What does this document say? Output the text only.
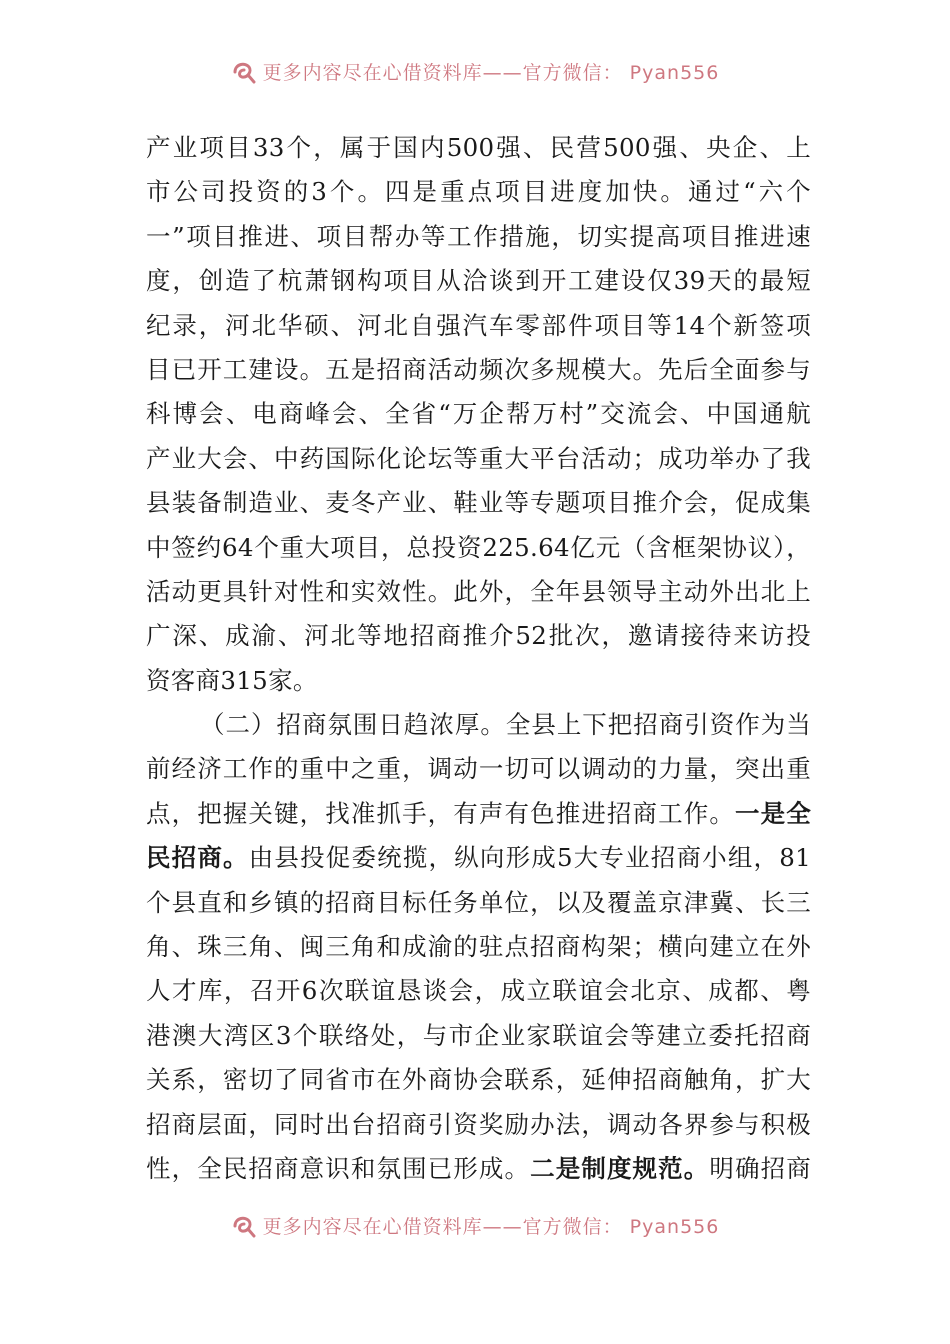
更多内容尽在心借资料库——官方微信： Pyan556
产业项目33个，属于国内500强、民营500强、央企、上
市公司投资的3个。四是重点项目进度加快。通过“六个
一”项目推进、项目帮办等工作措施，切实提高项目推进速
度，创造了杭萧钢构项目从洽谈到开工建设仅39天的最短
纪录，河北华硕、河北自强汽车零部件项目等14个新签项
目已开工建设。五是招商活动频次多规模大。先后全面参与
科博会、电商峰会、全省“万企帮万村”交流会、中国通航
产业大会、中药国际化论坛等重大平台活动；成功举办了我
县装备制造业、麦冬产业、鞋业等专题项目推介会，促成集
中签约64个重大项目，总投资225.64亿元（含框架协议），
活动更具针对性和实效性。此外，全年县领导主动外出北上
广深、成渝、河北等地招商推介52批次，邀请接待来访投
资客商315家。
（二）招商氛围日趋浓厚。全县上下把招商引资作为当
前经济工作的重中之重，调动一切可以调动的力量，突出重
点，把握关键，找准抓手，有声有色推进招商工作。一是全
民招商。由县投促委统揽，纵向形成5大专业招商小组，81
个县直和乡镇的招商目标任务单位，以及覆盖京津冀、长三
角、珠三角、闽三角和成渝的驻点招商构架；横向建立在外
人才库，召开6次联谊恳谈会，成立联谊会北京、成都、粤
港澳大湾区3个联络处，与市企业家联谊会等建立委托招商
关系，密切了同省市在外商协会联系，延伸招商触角，扩大
招商层面，同时出台招商引资奖励办法，调动各界参与积极
性，全民招商意识和氛围已形成。二是制度规范。明确招商
更多内容尽在心借资料库——官方微信： Pyan556
